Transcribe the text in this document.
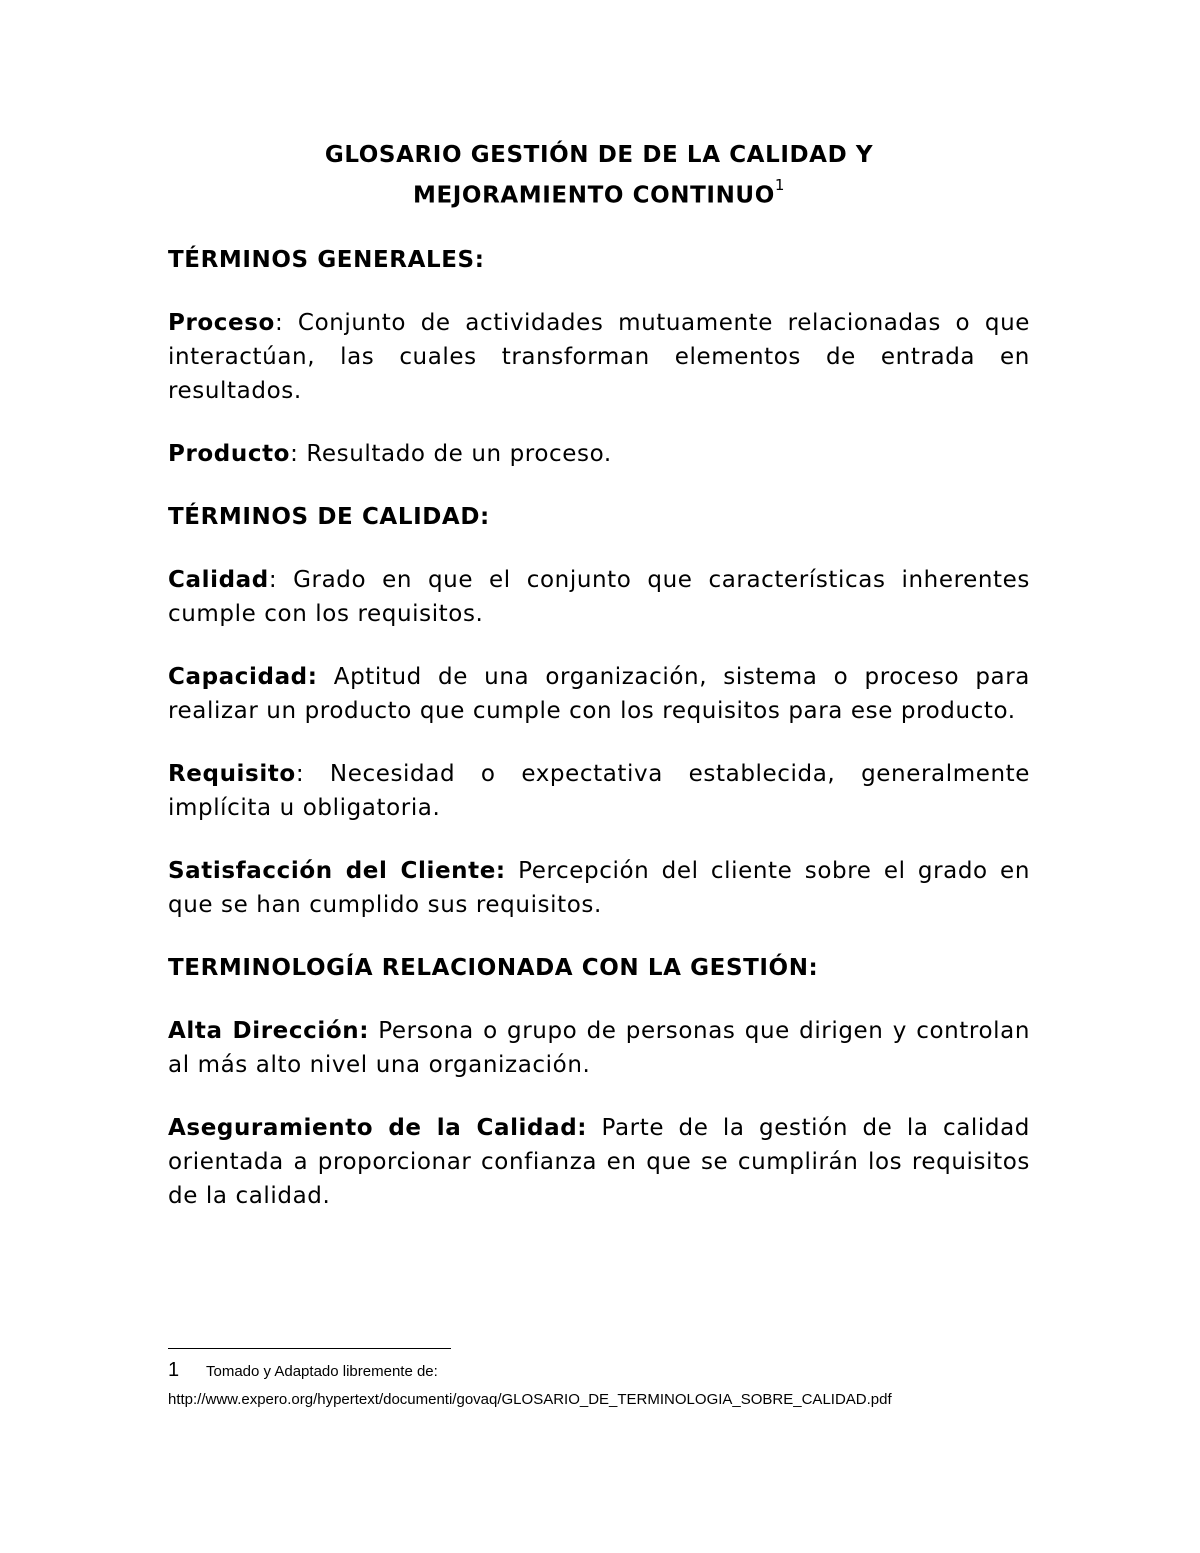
GLOSARIO GESTIÓN DE DE LA CALIDAD Y
MEJORAMIENTO CONTINUO$^1$
TÉRMINOS GENERALES:

Proceso: Conjunto de actividades mutuamente relacionadas o que interactúan, las cuales transforman elementos de entrada en resultados.

Producto: Resultado de un proceso.

TÉRMINOS DE CALIDAD:

Calidad: Grado en que el conjunto que características inherentes cumple con los requisitos.

Capacidad: Aptitud de una organización, sistema o proceso para realizar un producto que cumple con los requisitos para ese producto.

Requisito: Necesidad o expectativa establecida, generalmente implícita u obligatoria.

Satisfacción del Cliente: Percepción del cliente sobre el grado en que se han cumplido sus requisitos.

TERMINOLOGÍA RELACIONADA CON LA GESTIÓN:

Alta Dirección: Persona o grupo de personas que dirigen y controlan al más alto nivel una organización.

Aseguramiento de la Calidad: Parte de la gestión de la calidad orientada a proporcionar confianza en que se cumplirán los requisitos de la calidad.

1 Tomado y Adaptado libremente de:
http://www.expero.org/hypertext/documenti/govaq/GLOSARIO_DE_TERMINOLOGIA_SOBRE_CALIDAD.pdf
